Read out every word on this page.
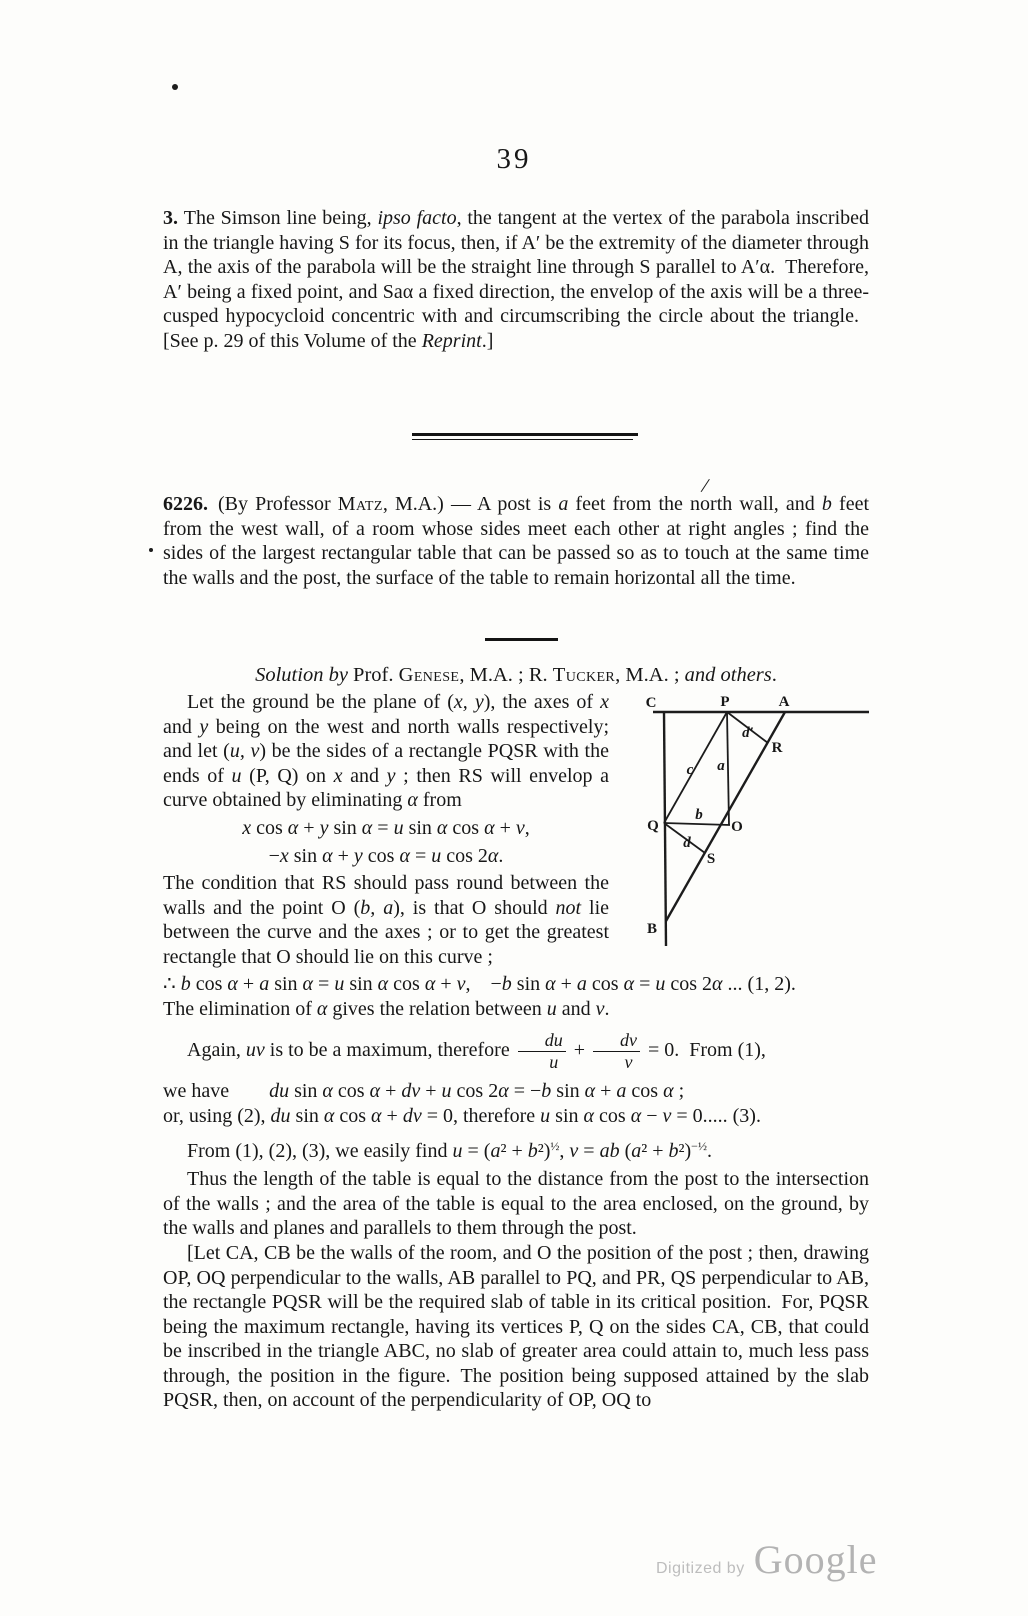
39

3. The Simson line being, ipso facto, the tangent at the vertex of the parabola inscribed in the triangle having S for its focus, then, if A′ be the extremity of the diameter through A, the axis of the parabola will be the straight line through S parallel to A′α. Therefore, A′ being a fixed point, and Saα a fixed direction, the envelop of the axis will be a three-cusped hypocycloid concentric with and circumscribing the circle about the triangle. [See p. 29 of this Volume of the Reprint.]

/

6226. (By Professor Matz, M.A.) — A post is a feet from the north wall, and b feet from the west wall, of a room whose sides meet each other at right angles ; find the sides of the largest rectangular table that can be passed so as to touch at the same time the walls and the post, the surface of the table to remain horizontal all the time.

Solution by Prof. Genese, M.A. ; R. Tucker, M.A. ; and others.
C	P	A
R
Q	O
S
B
a
b
c
d
d′

Let the ground be the plane of (x, y), the axes of x and y being on the west and north walls respectively; and let (u, v) be the sides of a rectangle PQSR with the ends of u (P, Q) on x and y ; then RS will envelop a curve obtained by eliminating α from

x cos α + y sin α = u sin α cos α + v,
−x sin α + y cos α = u cos 2α.

The condition that RS should pass round between the walls and the point O (b, a), is that O should not lie between the curve and the axes ; or to get the greatest rectangle that O should lie on this curve ;

∴ b cos α + a sin α = u sin α cos α + v, −b sin α + a cos α = u cos 2α ... (1, 2).

The elimination of α gives the relation between u and v.

Again, uv is to be a maximum, therefore $\frac{du}{u} + \frac{dv}{v} = 0$. From (1),

we have  du sin α cos α + dv + u cos 2α = −b sin α + a cos α ;

or, using (2), du sin α cos α + dv = 0, therefore u sin α cos α − v = 0..... (3).

From (1), (2), (3), we easily find $u = (a^2 + b^2)^{\frac{1}{2}}$, v = ab $(a^2 + b^2)^{-\frac{1}{2}}$.

Thus the length of the table is equal to the distance from the post to the intersection of the walls ; and the area of the table is equal to the area enclosed, on the ground, by the walls and planes and parallels to them through the post.

[Let CA, CB be the walls of the room, and O the position of the post ; then, drawing OP, OQ perpendicular to the walls, AB parallel to PQ, and PR, QS perpendicular to AB, the rectangle PQSR will be the required slab of table in its critical position. For, PQSR being the maximum rectangle, having its vertices P, Q on the sides CA, CB, that could be inscribed in the triangle ABC, no slab of greater area could attain to, much less pass through, the position in the figure. The position being supposed attained by the slab PQSR, then, on account of the perpendicularity of OP, OQ to

Digitized by Google
